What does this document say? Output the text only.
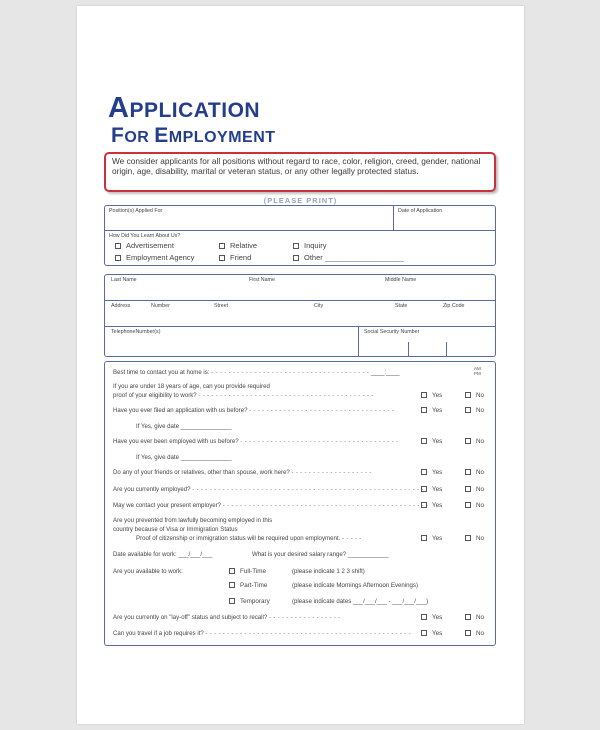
APPLICATION
FOR EMPLOYMENT
We consider applicants for all positions without regard to race, color, religion, creed, gender, national origin, age, disability, marital or veteran status, or any other legally protected status.
(PLEASE PRINT)
Position(s) Applied For	Date of Application
How Did You Learn About Us?
Advertisement	Relative	Inquiry
Employment Agency	Friend	Other _______________________
Last Name	First Name	Middle Name
Address	Number	Street	City	State	Zip Code
TelephoneNumber(s)	Social Security Number
Best time to contact you at home is: - - - - - - - - - - - - - - - - - - - - - - - - - - - - - - - - - - - - - ____:____
AM
PM
If you are under 18 years of age, can you provide required
proof of your eligibility to work? - - - - - - - - - - - - - - - - - - - - - - - - - - - - - - - - - - - - - - - - -	Yes	No
Have you ever filed an application with us before? - - - - - - - - - - - - - - - - - - - - - - - - - - - - - - - - - -	Yes	No
If Yes, give date _______________
Have you ever been employed with us before? - - - - - - - - - - - - - - - - - - - - - - - - - - - - - - - - - - - - -	Yes	No
If Yes, give date _______________
Do any of your friends or relatives, other than spouse, work here? - - - - - - - - - - - - - - - - - - -	Yes	No
Are you currently employed? - - - - - - - - - - - - - - - - - - - - - - - - - - - - - - - - - - - - - - - - - - - - - - - - - - - - - -	Yes	No
May we contact your present employer? - - - - - - - - - - - - - - - - - - - - - - - - - - - - - - - - - - - - - - - - - - - - - - - - Yes	No
Are you prevented from lawfully becoming employed in this
country because of Visa or Immigration Status
Proof of citizenship or immigration status will be required upon employment. - - - - -	Yes	No
Date available for work: ___/___/___	What is your desired salary range? ____________
Are you available to work:	Full-Time	(please indicate 1 2 3 shift)
Part-Time	(please indicate Mornings Afternoon Evenings)
Temporary	(please indicate dates ___/___/___ - ___/___/___)
Are you currently on "lay-off" status and subject to recall? - - - - - - - - - - - - - - - - -	Yes	No
Can you travel if a job requires it? - - - - - - - - - - - - - - - - - - - - - - - - - - - - - - - - - - - - - - - - - - - - - - - -	Yes	No
